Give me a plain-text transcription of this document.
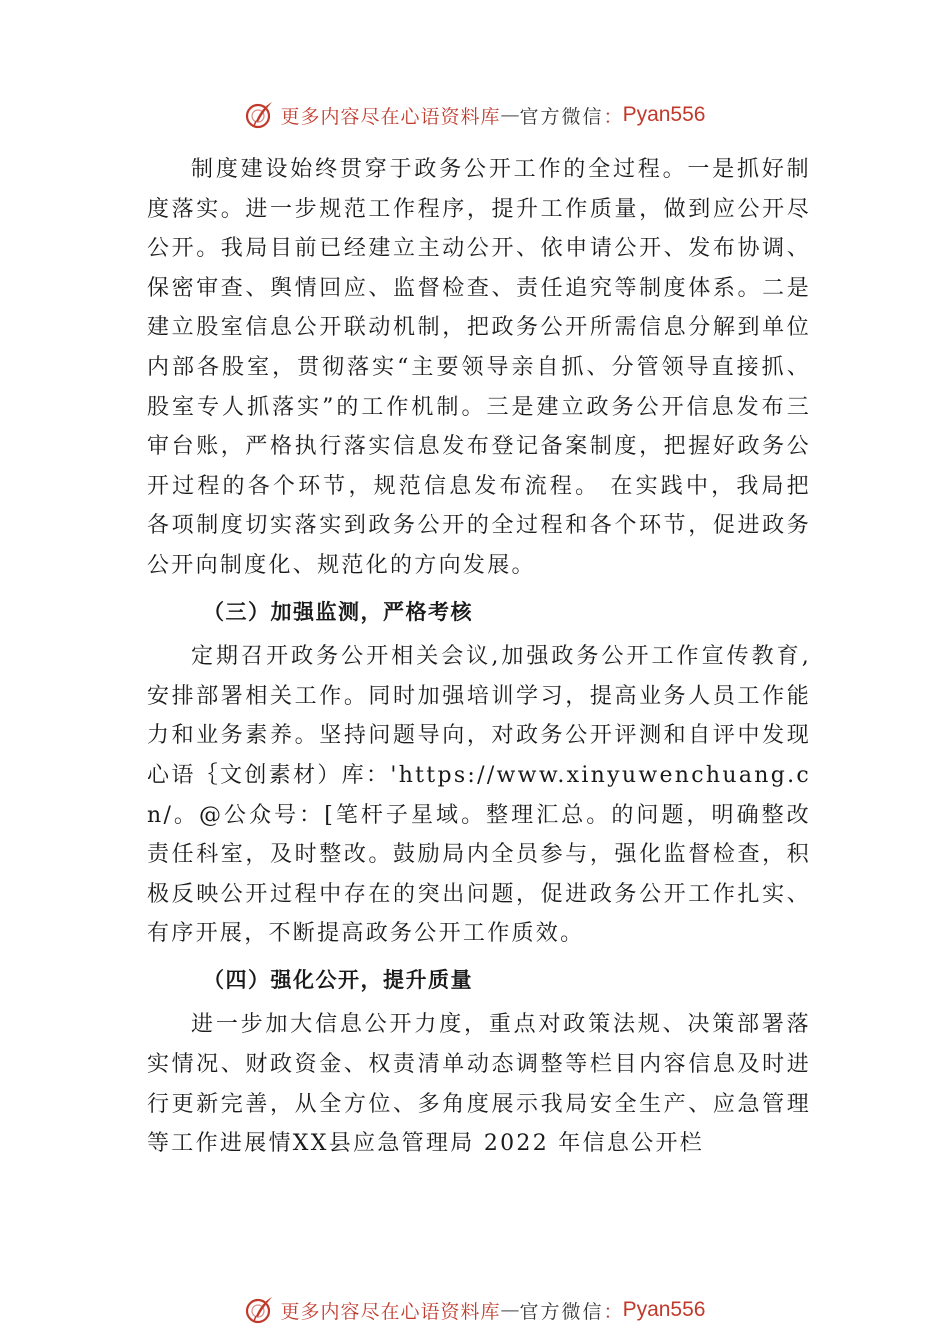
更多内容尽在心语资料库 — 官方微信 ： Pyan556

制度建设始终贯穿于政务公开工作的全过程。一是抓好制度落实。进一步规范工作程序，提升工作质量，做到应公开尽公开。我局目前已经建立主动公开、依申请公开、发布协调、保密审查、舆情回应、监督检查、责任追究等制度体系。二是建立股室信息公开联动机制，把政务公开所需信息分解到单位内部各股室，贯彻落实“主要领导亲自抓、分管领导直接抓、股室专人抓落实”的工作机制。三是建立政务公开信息发布三审台账，严格执行落实信息发布登记备案制度，把握好政务公开过程的各个环节，规范信息发布流程。 在实践中，我局把各项制度切实落实到政务公开的全过程和各个环节，促进政务公开向制度化、规范化的方向发展。

（三）加强监测，严格考核

定期召开政务公开相关会议,加强政务公开工作宣传教育,安排部署相关工作。同时加强培训学习，提高业务人员工作能力和业务素养。坚持问题导向，对政务公开评测和自评中发现心语｛文创素材）库：'https://www.xinyuwenchuang.cn/。@公众号：[笔杆子星域。整理汇总。的问题，明确整改责任科室，及时整改。鼓励局内全员参与，强化监督检查，积极反映公开过程中存在的突出问题，促进政务公开工作扎实、有序开展，不断提高政务公开工作质效。

（四）强化公开，提升质量

进一步加大信息公开力度，重点对政策法规、决策部署落实情况、财政资金、权责清单动态调整等栏目内容信息及时进行更新完善，从全方位、多角度展示我局安全生产、应急管理等工作进展情XX县应急管理局 2022 年信息公开栏

更多内容尽在心语资料库 — 官方微信 ： Pyan556
